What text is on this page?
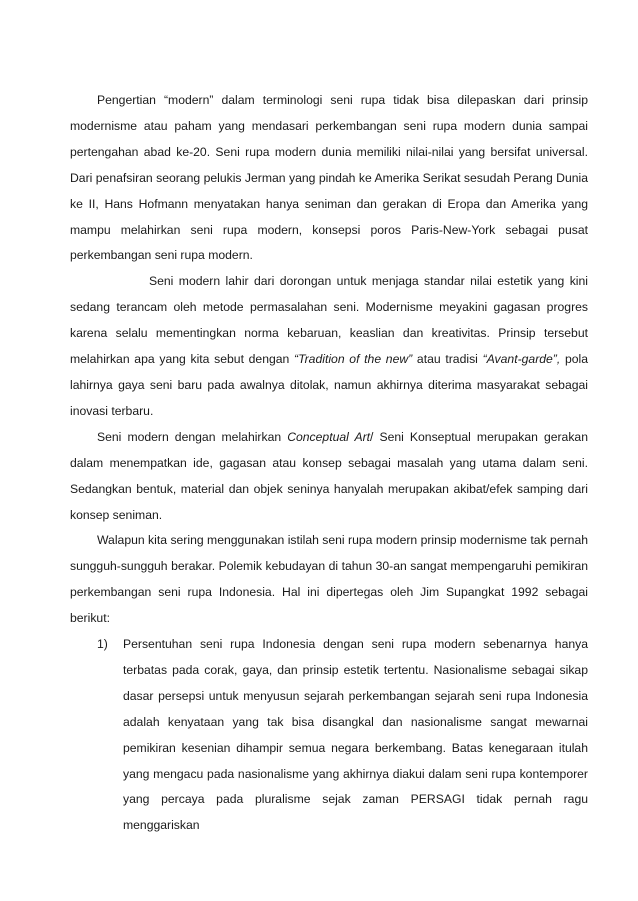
Pengertian “modern” dalam terminologi seni rupa tidak bisa dilepaskan dari prinsip modernisme atau paham yang mendasari perkembangan seni rupa modern dunia sampai pertengahan abad ke-20. Seni rupa modern dunia memiliki nilai-nilai yang bersifat universal. Dari penafsiran seorang pelukis Jerman yang pindah ke Amerika Serikat sesudah Perang Dunia ke II, Hans Hofmann menyatakan hanya seniman dan gerakan di Eropa dan Amerika yang mampu melahirkan seni rupa modern, konsepsi poros Paris-New-York sebagai pusat perkembangan seni rupa modern.

Seni modern lahir dari dorongan untuk menjaga standar nilai estetik yang kini sedang terancam oleh metode permasalahan seni. Modernisme meyakini gagasan progres karena selalu mementingkan norma kebaruan, keaslian dan kreativitas. Prinsip tersebut melahirkan apa yang kita sebut dengan “Tradition of the new” atau tradisi “Avant-garde”, pola lahirnya gaya seni baru pada awalnya ditolak, namun akhirnya diterima masyarakat sebagai inovasi terbaru.

Seni modern dengan melahirkan Conceptual Art/ Seni Konseptual merupakan gerakan dalam menempatkan ide, gagasan atau konsep sebagai masalah yang utama dalam seni. Sedangkan bentuk, material dan objek seninya hanyalah merupakan akibat/efek samping dari konsep seniman.

Walapun kita sering menggunakan istilah seni rupa modern prinsip modernisme tak pernah sungguh-sungguh berakar. Polemik kebudayan di tahun 30-an sangat mempengaruhi pemikiran perkembangan seni rupa Indonesia. Hal ini dipertegas oleh Jim Supangkat 1992 sebagai berikut:

1) Persentuhan seni rupa Indonesia dengan seni rupa modern sebenarnya hanya terbatas pada corak, gaya, dan prinsip estetik tertentu. Nasionalisme sebagai sikap dasar persepsi untuk menyusun sejarah perkembangan sejarah seni rupa Indonesia adalah kenyataan yang tak bisa disangkal dan nasionalisme sangat mewarnai pemikiran kesenian dihampir semua negara berkembang. Batas kenegaraan itulah yang mengacu pada nasionalisme yang akhirnya diakui dalam seni rupa kontemporer yang percaya pada pluralisme sejak zaman PERSAGI tidak pernah ragu menggariskan
